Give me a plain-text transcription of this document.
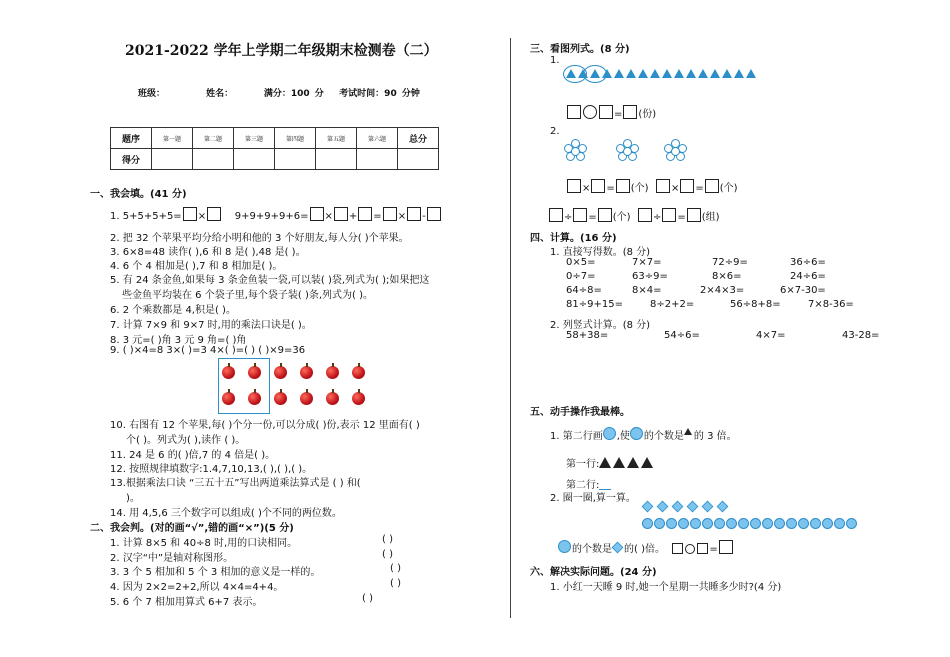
2021-2022 学年上学期二年级期末检测卷（二）
班级：        姓名：      满分：100 分   考试时间：90 分钟
题序	第一题	第二题	第三题	第四题	第五题	第六题	总分
得分							
一、我会填。(41 分)
1. 5+5+5+5= ×	9+9+9+9+6= × + = × -
2. 把 32 个苹果平均分给小明和他的 3 个好朋友,每人分( )个苹果。
3. 6×8=48 读作( ),6 和 8 是( ),48 是( )。
4. 6 个 4 相加是( ),7 和 8 相加是( )。
5. 有 24 条金鱼,如果每 3 条金鱼装一袋,可以装( )袋,列式为( );如果把这
些金鱼平均装在 6 个袋子里,每个袋子装( )条,列式为( )。
6. 2 个乘数都是 4,积是( )。
7. 计算 7×9 和 9×7 时,用的乘法口诀是( )。
8. 3 元=( )角 3 元 9 角=( )角
9. ( )×4=8 3×( )=3 4×( )=( ) ( )×9=36
10. 右图有 12 个苹果,每( )个分一份,可以分成( )份,表示 12 里面有( )
个( )。列式为( ),读作 ( )。
11. 24 是 6 的( )倍,7 的 4 倍是( )。
12. 按照规律填数字:1.4,7,10,13,( ),( ),( )。
13.根据乘法口诀 “三五十五”写出两道乘法算式是 ( ) 和(
)。
14. 用 4,5,6 三个数字可以组成( )个不同的两位数。
二、我会判。(对的画“√”,错的画“×”)(5 分)
1. 计算 8×5 和 40÷8 时,用的口诀相同。	( )
2. 汉字“中”是轴对称图形。	( )
3. 3 个 5 相加和 5 个 3 相加的意义是一样的。	( )
4. 因为 2×2=2+2,所以 4×4=4+4。	( )
5. 6 个 7 相加用算式 6+7 表示。	( )
三、看图列式。(8 分)
1.
= (份)
2.
× = (个) × = (个)
÷ = (个) ÷ = (组)
四、计算。(16 分)
1. 直接写得数。(8 分)
0×5=	7×7=	72÷9=	36÷6=
0÷7=	63÷9=	8×6=	24÷6=
64÷8=	8×4=	2×4×3=	6×7-30=
81÷9+15=	8÷2+2=	56÷8+8=	7×8-36=
2. 列竖式计算。(8 分)
58+38=	54÷6=	4×7=	43-28=
五、动手操作我最棒。
1. 第二行画 ,使 的个数是 的 3 倍。
第一行:
第二行:
2. 圈一圈,算一算。
的个数是 的( )倍。	=
六、解决实际问题。(24 分)
1. 小红一天睡 9 时,她一个星期一共睡多少时?(4 分)
